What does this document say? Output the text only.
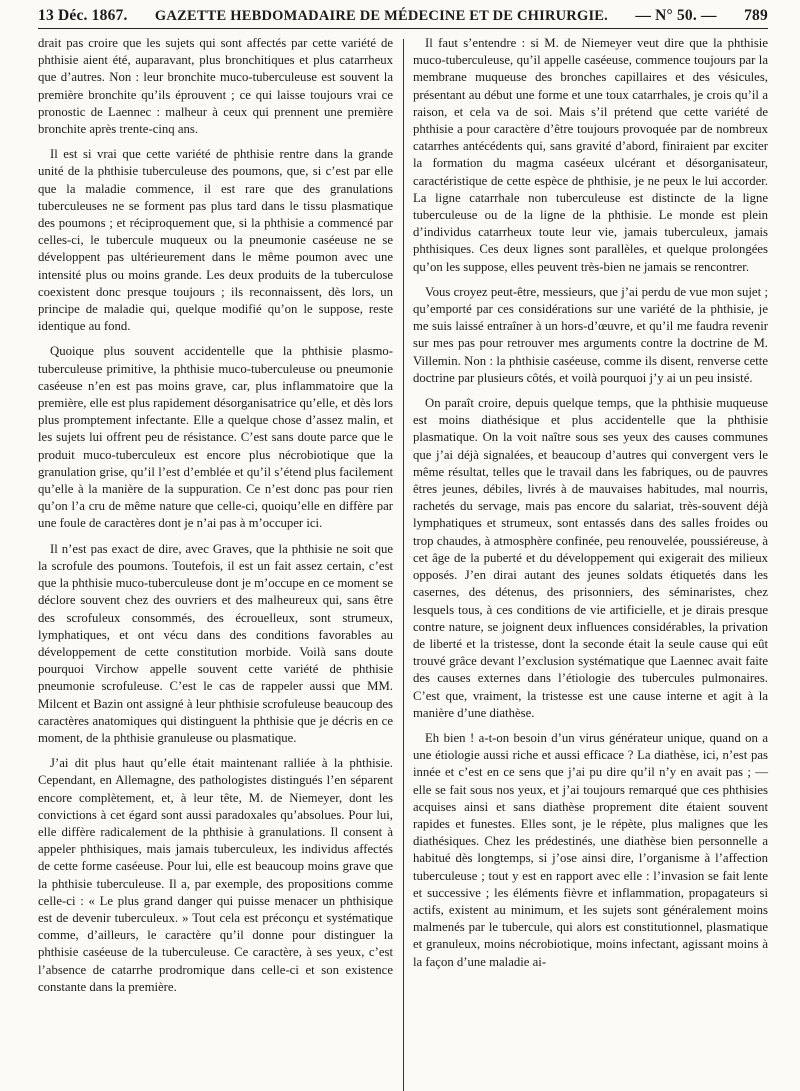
13 Déc. 1867. GAZETTE HEBDOMADAIRE DE MÉDECINE ET DE CHIRURGIE. — N° 50. — 789

drait pas croire que les sujets qui sont affectés par cette variété de phthisie aient été, auparavant, plus bronchitiques et plus catarrheux que d’autres. Non : leur bronchite muco-tuberculeuse est souvent la première bronchite qu’ils éprouvent ; ce qui laisse toujours vrai ce pronostic de Laennec : malheur à ceux qui prennent une première bronchite après trente-cinq ans.

Il est si vrai que cette variété de phthisie rentre dans la grande unité de la phthisie tuberculeuse des poumons, que, si c’est par elle que la maladie commence, il est rare que des granulations tuberculeuses ne se forment pas plus tard dans le tissu plasmatique des poumons ; et réciproquement que, si la phthisie a commencé par celles-ci, le tubercule muqueux ou la pneumonie caséeuse ne se développent pas ultérieurement dans le même poumon avec une intensité plus ou moins grande. Les deux produits de la tuberculose coexistent donc presque toujours ; ils reconnaissent, dès lors, un principe de maladie qui, quelque modifié qu’on le suppose, reste identique au fond.

Quoique plus souvent accidentelle que la phthisie plasmo-tuberculeuse primitive, la phthisie muco-tuberculeuse ou pneumonie caséeuse n’en est pas moins grave, car, plus inflammatoire que la première, elle est plus rapidement désorganisatrice qu’elle, et dès lors plus promptement infectante. Elle a quelque chose d’assez malin, et les sujets lui offrent peu de résistance. C’est sans doute parce que le produit muco-tuberculeux est encore plus nécrobiotique que la granulation grise, qu’il l’est d’emblée et qu’il s’étend plus facilement qu’elle à la manière de la suppuration. Ce n’est donc pas pour rien qu’on l’a cru de même nature que celle-ci, quoiqu’elle en diffère par une foule de caractères dont je n’ai pas à m’occuper ici.

Il n’est pas exact de dire, avec Graves, que la phthisie ne soit que la scrofule des poumons. Toutefois, il est un fait assez certain, c’est que la phthisie muco-tuberculeuse dont je m’occupe en ce moment se déclore souvent chez des ouvriers et des malheureux qui, sans être des scrofuleux consommés, des écrouelleux, sont strumeux, lymphatiques, et ont vécu dans des conditions favorables au développement de cette constitution morbide. Voilà sans doute pourquoi Virchow appelle souvent cette variété de phthisie pneumonie scrofuleuse. C’est le cas de rappeler aussi que MM. Milcent et Bazin ont assigné à leur phthisie scrofuleuse beaucoup des caractères anatomiques qui distinguent la phthisie que je décris en ce moment, de la phthisie granuleuse ou plasmatique.

J’ai dit plus haut qu’elle était maintenant ralliée à la phthisie. Cependant, en Allemagne, des pathologistes distingués l’en séparent encore complètement, et, à leur tête, M. de Niemeyer, dont les convictions à cet égard sont aussi paradoxales qu’absolues. Pour lui, elle diffère radicalement de la phthisie à granulations. Il consent à appeler phthisiques, mais jamais tuberculeux, les individus affectés de cette forme caséeuse. Pour lui, elle est beaucoup moins grave que la phthisie tuberculeuse. Il a, par exemple, des propositions comme celle-ci : « Le plus grand danger qui puisse menacer un phthisique est de devenir tuberculeux. » Tout cela est préconçu et systématique comme, d’ailleurs, le caractère qu’il donne pour distinguer la phthisie caséeuse de la tuberculeuse. Ce caractère, à ses yeux, c’est l’absence de catarrhe prodromique dans celle-ci et son existence constante dans la première.

Il faut s’entendre : si M. de Niemeyer veut dire que la phthisie muco-tuberculeuse, qu’il appelle caséeuse, commence toujours par la membrane muqueuse des bronches capillaires et des vésicules, présentant au début une forme et une toux catarrhales, je crois qu’il a raison, et cela va de soi. Mais s’il prétend que cette variété de phthisie a pour caractère d’être toujours provoquée par de nombreux catarrhes antécédents qui, sans gravité d’abord, finiraient par exciter la formation du magma caséeux ulcérant et désorganisateur, caractéristique de cette espèce de phthisie, je ne peux le lui accorder. La ligne catarrhale non tuberculeuse est distincte de la ligne tuberculeuse ou de la ligne de la phthisie. Le monde est plein d’individus catarrheux toute leur vie, jamais tuberculeux, jamais phthisiques. Ces deux lignes sont parallèles, et quelque prolongées qu’on les suppose, elles peuvent très-bien ne jamais se rencontrer.

Vous croyez peut-être, messieurs, que j’ai perdu de vue mon sujet ; qu’emporté par ces considérations sur une variété de la phthisie, je me suis laissé entraîner à un hors-d’œuvre, et qu’il me faudra revenir sur mes pas pour retrouver mes arguments contre la doctrine de M. Villemin. Non : la phthisie caséeuse, comme ils disent, renverse cette doctrine par plusieurs côtés, et voilà pourquoi j’y ai un peu insisté.

On paraît croire, depuis quelque temps, que la phthisie muqueuse est moins diathésique et plus accidentelle que la phthisie plasmatique. On la voit naître sous ses yeux des causes communes que j’ai déjà signalées, et beaucoup d’autres qui convergent vers le même résultat, telles que le travail dans les fabriques, ou de pauvres êtres jeunes, débiles, livrés à de mauvaises habitudes, mal nourris, rachetés du servage, mais pas encore du salariat, très-souvent déjà lymphatiques et strumeux, sont entassés dans des salles froides ou trop chaudes, à atmosphère confinée, peu renouvelée, poussiéreuse, à cet âge de la puberté et du développement qui exigerait des milieux opposés. J’en dirai autant des jeunes soldats étiquetés dans les casernes, des détenus, des prisonniers, des séminaristes, chez lesquels tous, à ces conditions de vie artificielle, et je dirais presque contre nature, se joignent deux influences considérables, la privation de liberté et la tristesse, dont la seconde était la seule cause qui eût trouvé grâce devant l’exclusion systématique que Laennec avait faite des causes externes dans l’étiologie des tubercules pulmonaires. C’est que, vraiment, la tristesse est une cause interne et agit à la manière d’une diathèse.

Eh bien ! a-t-on besoin d’un virus générateur unique, quand on a une étiologie aussi riche et aussi efficace ? La diathèse, ici, n’est pas innée et c’est en ce sens que j’ai pu dire qu’il n’y en avait pas ; — elle se fait sous nos yeux, et j’ai toujours remarqué que ces phthisies acquises ainsi et sans diathèse proprement dite étaient souvent rapides et funestes. Elles sont, je le répète, plus malignes que les diathésiques. Chez les prédestinés, une diathèse bien personnelle a habitué dès longtemps, si j’ose ainsi dire, l’organisme à l’affection tuberculeuse ; tout y est en rapport avec elle : l’invasion se fait lente et successive ; les éléments fièvre et inflammation, propagateurs si actifs, existent au minimum, et les sujets sont généralement moins malmenés par le tubercule, qui alors est constitutionnel, plasmatique et granuleux, moins nécrobiotique, moins infectant, agissant moins à la façon d’une maladie ai-
